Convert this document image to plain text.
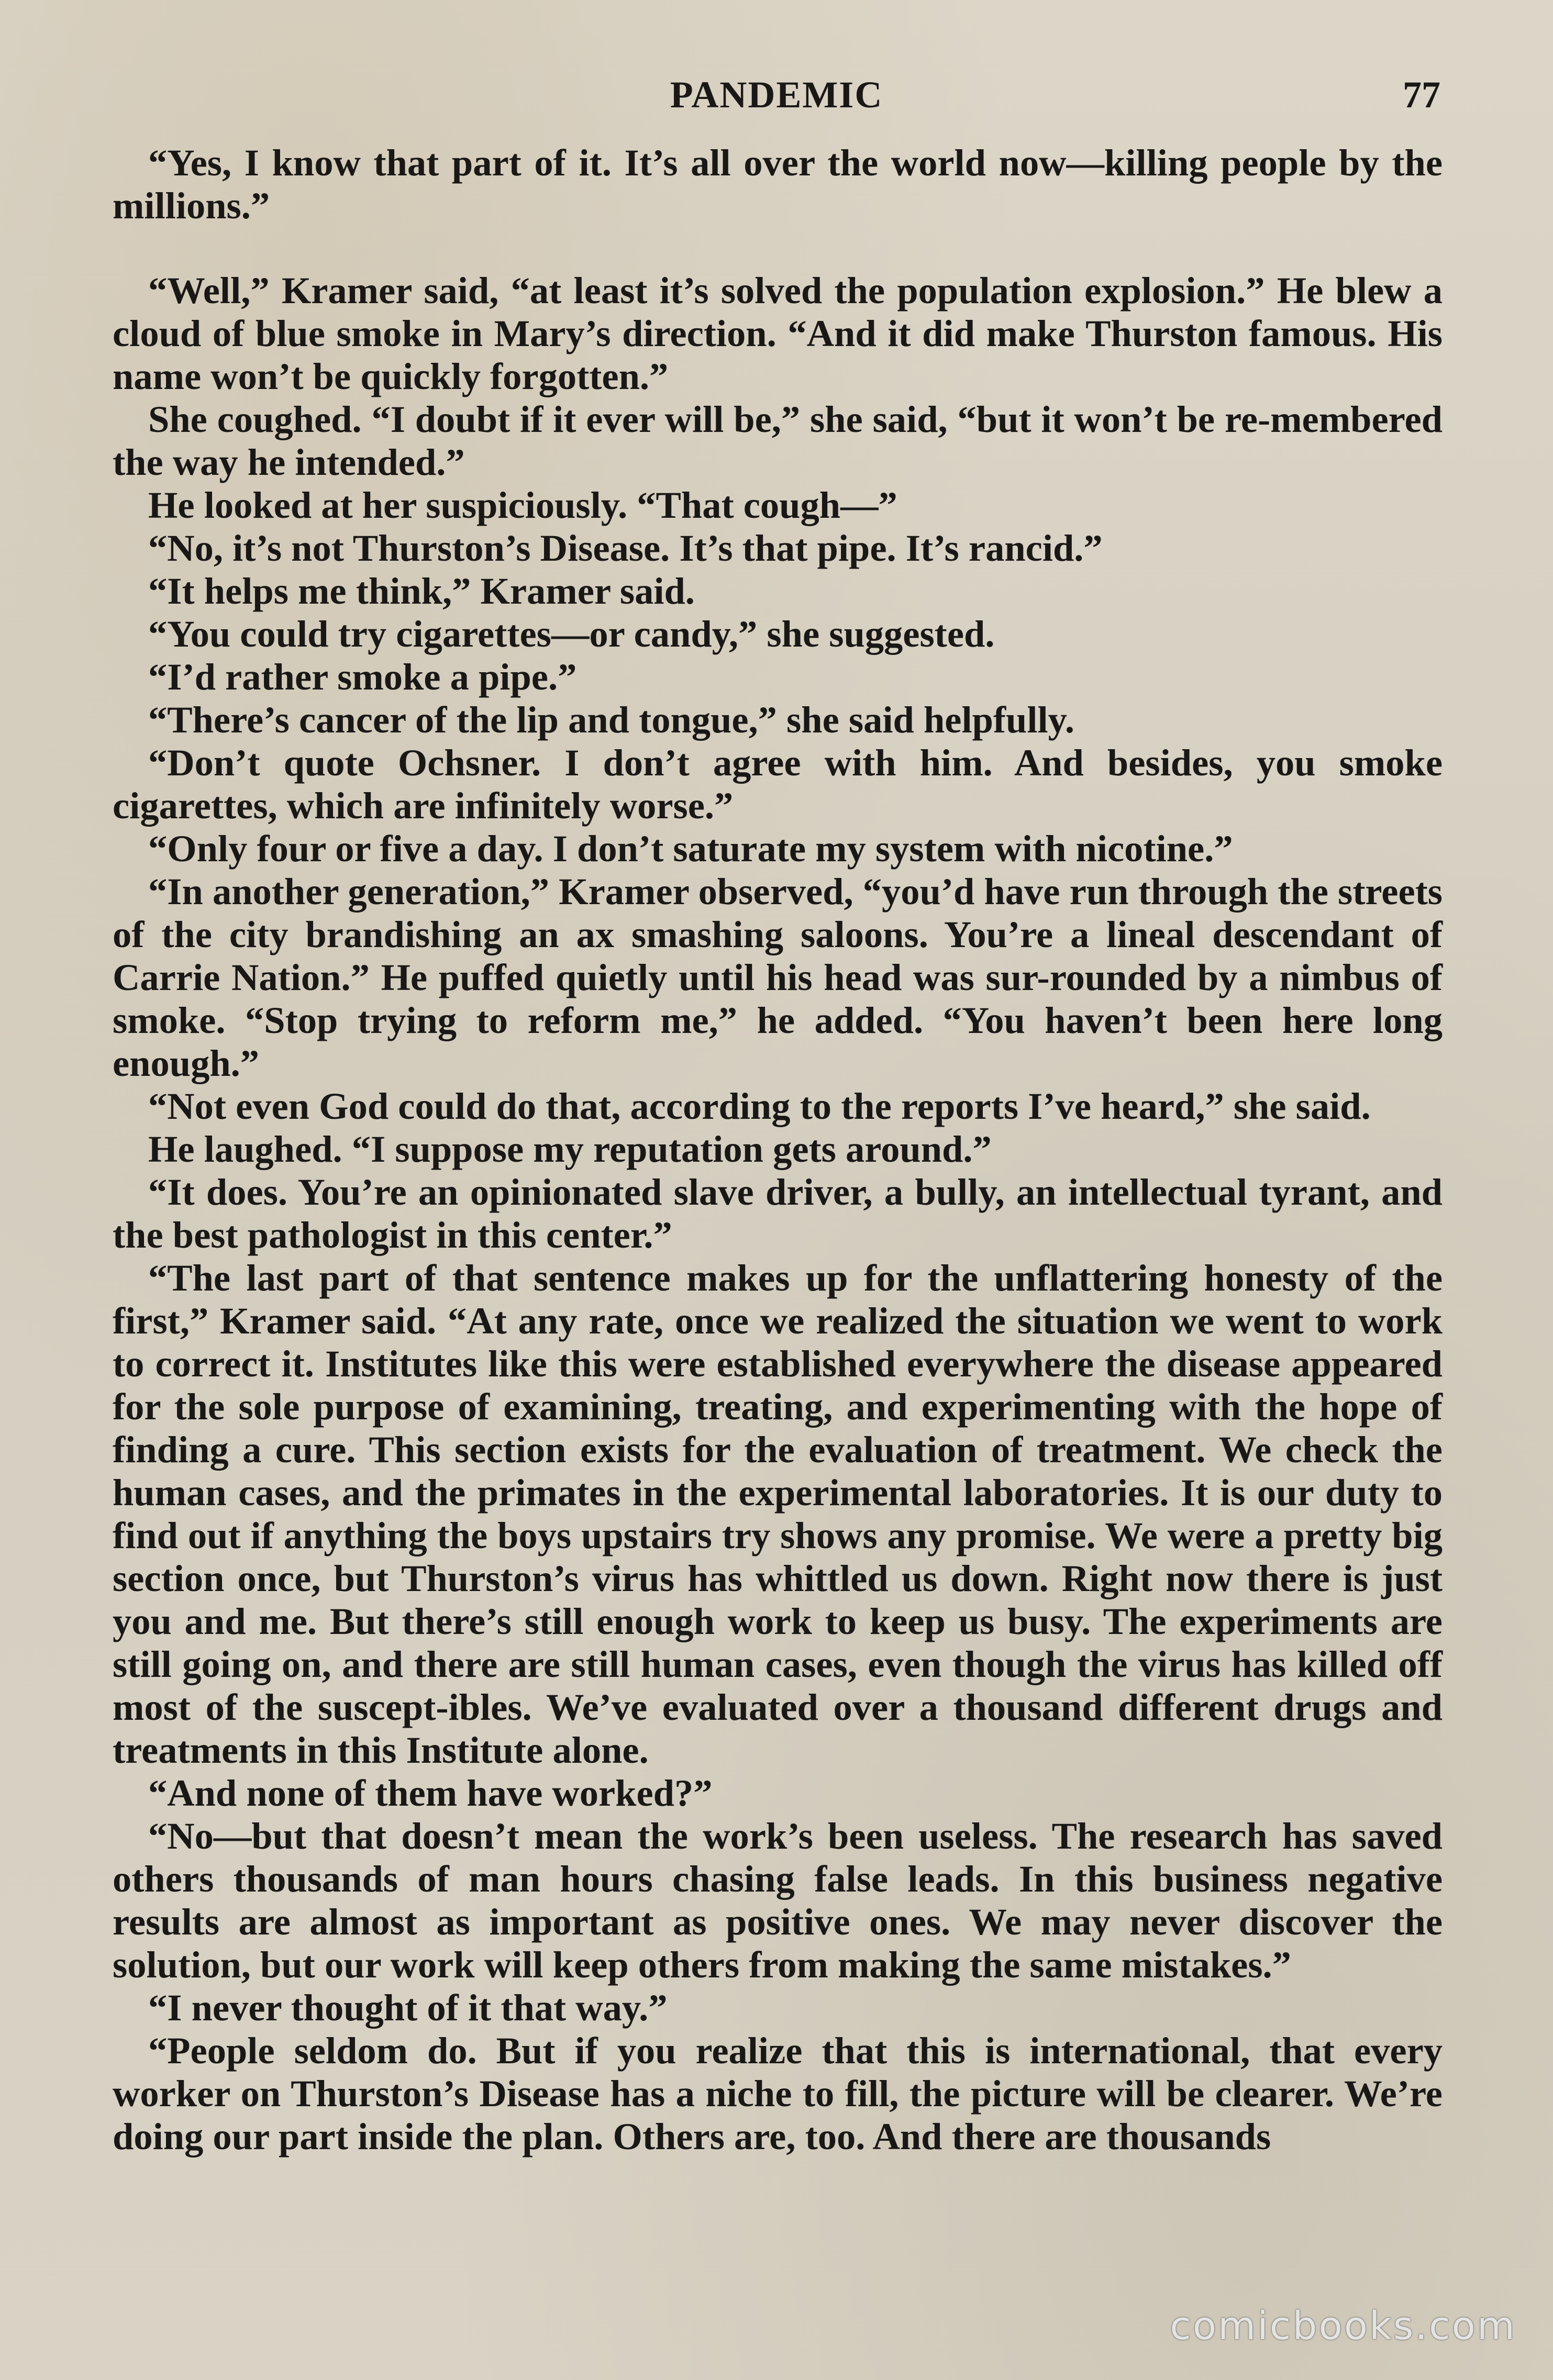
PANDEMIC	77

“Yes, I know that part of it. It’s all over the world now—killing people by the millions.”

“Well,” Kramer said, “at least it’s solved the population explosion.” He blew a cloud of blue smoke in Mary’s direction. “And it did make Thurston famous. His name won’t be quickly forgotten.”

She coughed. “I doubt if it ever will be,” she said, “but it won’t be re-membered the way he intended.”

He looked at her suspiciously. “That cough—”

“No, it’s not Thurston’s Disease. It’s that pipe. It’s rancid.”

“It helps me think,” Kramer said.

“You could try cigarettes—or candy,” she suggested.

“I’d rather smoke a pipe.”

“There’s cancer of the lip and tongue,” she said helpfully.

“Don’t quote Ochsner. I don’t agree with him. And besides, you smoke cigarettes, which are infinitely worse.”

“Only four or five a day. I don’t saturate my system with nicotine.”

“In another generation,” Kramer observed, “you’d have run through the streets of the city brandishing an ax smashing saloons. You’re a lineal descendant of Carrie Nation.” He puffed quietly until his head was sur-rounded by a nimbus of smoke. “Stop trying to reform me,” he added. “You haven’t been here long enough.”

“Not even God could do that, according to the reports I’ve heard,” she said.

He laughed. “I suppose my reputation gets around.”

“It does. You’re an opinionated slave driver, a bully, an intellectual tyrant, and the best pathologist in this center.”

“The last part of that sentence makes up for the unflattering honesty of the first,” Kramer said. “At any rate, once we realized the situation we went to work to correct it. Institutes like this were established everywhere the disease appeared for the sole purpose of examining, treating, and experimenting with the hope of finding a cure. This section exists for the evaluation of treatment. We check the human cases, and the primates in the experimental laboratories. It is our duty to find out if anything the boys upstairs try shows any promise. We were a pretty big section once, but Thurston’s virus has whittled us down. Right now there is just you and me. But there’s still enough work to keep us busy. The experiments are still going on, and there are still human cases, even though the virus has killed off most of the suscept-ibles. We’ve evaluated over a thousand different drugs and treatments in this Institute alone.

“And none of them have worked?”

“No—but that doesn’t mean the work’s been useless. The research has saved others thousands of man hours chasing false leads. In this business negative results are almost as important as positive ones. We may never discover the solution, but our work will keep others from making the same mistakes.”

“I never thought of it that way.”

“People seldom do. But if you realize that this is international, that every worker on Thurston’s Disease has a niche to fill, the picture will be clearer. We’re doing our part inside the plan. Others are, too. And there are thousands

comicbooks.com
